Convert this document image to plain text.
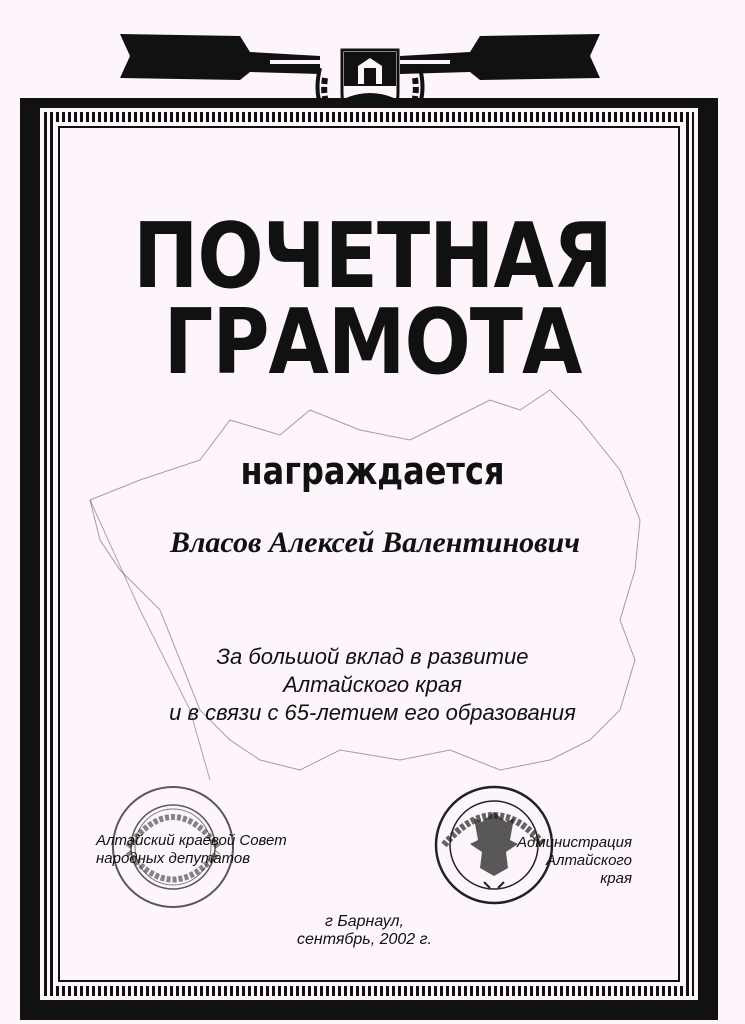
ПОЧЕТНАЯ
ГРАМОТА
награждается
Власов Алексей Валентинович
За большой вклад в развитие
Алтайского края
и в связи с 65-летием его образования
Алтайский краевой Совет
народных депутатов
Администрация
Алтайского края
г Барнаул,
сентябрь, 2002 г.
